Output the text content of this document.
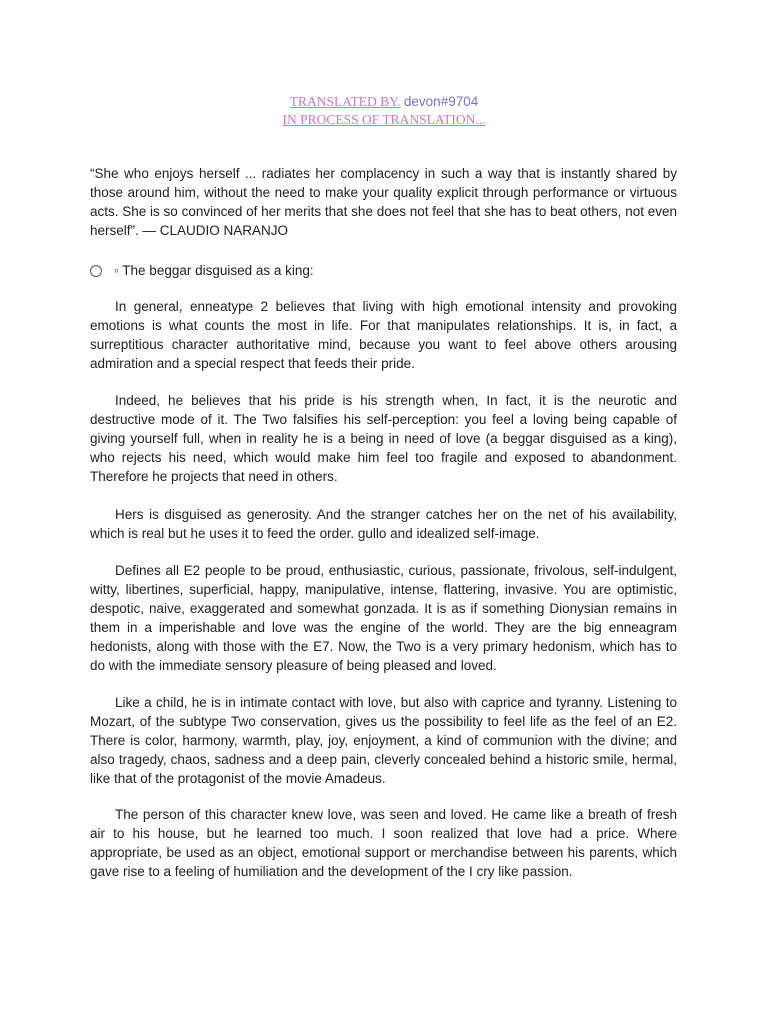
TRANSLATED BY. devon#9704
IN PROCESS OF TRANSLATION...

“She who enjoys herself ... radiates her complacency in such a way that is instantly shared by those around him, without the need to make your quality explicit through performance or virtuous acts. She is so convinced of her merits that she does not feel that she has to beat others, not even herself”. — CLAUDIO NARANJO

◦ The beggar disguised as a king:

In general, enneatype 2 believes that living with high emotional intensity and provoking emotions is what counts the most in life. For that manipulates relationships. It is, in fact, a surreptitious character authoritative mind, because you want to feel above others arousing admiration and a special respect that feeds their pride.

Indeed, he believes that his pride is his strength when, In fact, it is the neurotic and destructive mode of it. The Two falsifies his self-perception: you feel a loving being capable of giving yourself full, when in reality he is a being in need of love (a beggar disguised as a king), who rejects his need, which would make him feel too fragile and exposed to abandonment. Therefore he projects that need in others.

Hers is disguised as generosity. And the stranger catches her on the net of his availability, which is real but he uses it to feed the order. gullo and idealized self-image.

Defines all E2 people to be proud, enthusiastic, curious, passionate, frivolous, self-indulgent, witty, libertines, superficial, happy, manipulative, intense, flattering, invasive. You are optimistic, despotic, naive, exaggerated and somewhat gonzada. It is as if something Dionysian remains in them in a imperishable and love was the engine of the world. They are the big enneagram hedonists, along with those with the E7. Now, the Two is a very primary hedonism, which has to do with the immediate sensory pleasure of being pleased and loved.

Like a child, he is in intimate contact with love, but also with caprice and tyranny. Listening to Mozart, of the subtype Two conservation, gives us the possibility to feel life as the feel of an E2. There is color, harmony, warmth, play, joy, enjoyment, a kind of communion with the divine; and also tragedy, chaos, sadness and a deep pain, cleverly concealed behind a historic smile, hermal, like that of the protagonist of the movie Amadeus.

The person of this character knew love, was seen and loved. He came like a breath of fresh air to his house, but he learned too much. I soon realized that love had a price. Where appropriate, be used as an object, emotional support or merchandise between his parents, which gave rise to a feeling of humiliation and the development of the I cry like passion.
